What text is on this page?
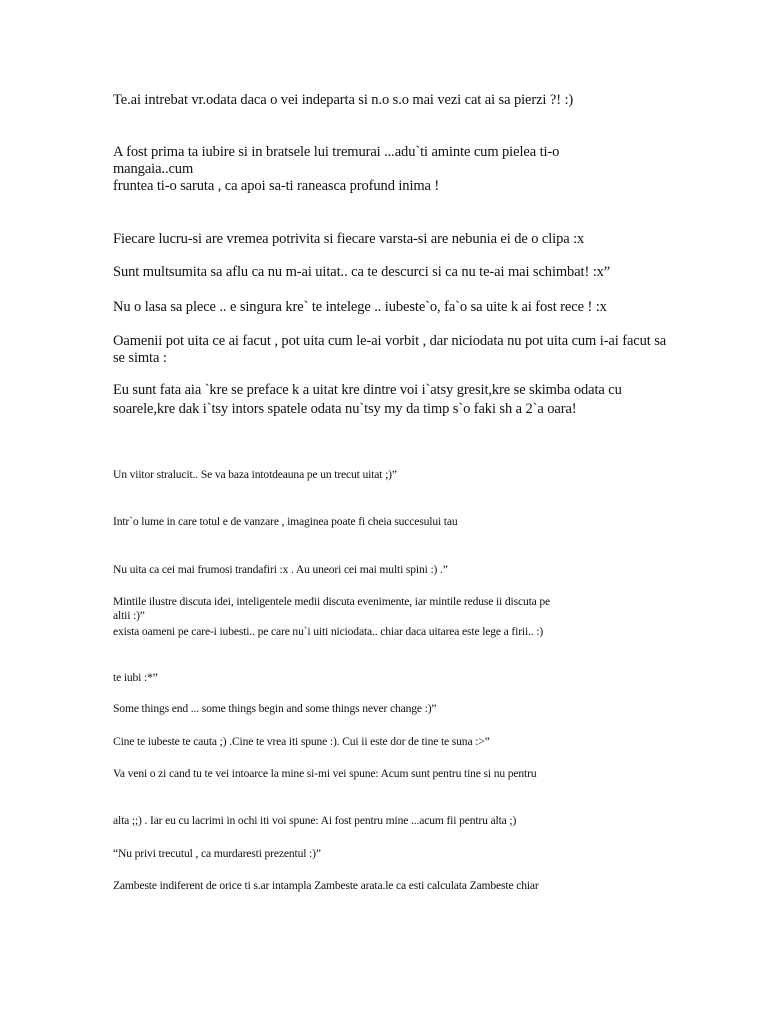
Te.ai intrebat vr.odata daca o vei indeparta si n.o s.o mai vezi cat ai sa pierzi ?! :)

A fost prima ta iubire si in bratsele lui tremurai ...adu`ti aminte cum pielea ti-o

mangaia..cum

fruntea ti-o saruta , ca apoi sa-ti raneasca profund inima !

Fiecare lucru-si are vremea potrivita si fiecare varsta-si are nebunia ei de o clipa :x

Sunt multsumita sa aflu ca nu m-ai uitat.. ca te descurci si ca nu te-ai mai schimbat! :x”

Nu o lasa sa plece .. e singura kre` te intelege .. iubeste`o, fa`o sa uite k ai fost rece ! :x

Oamenii pot uita ce ai facut , pot uita cum le-ai vorbit , dar niciodata nu pot uita cum i-ai facut sa

se simta :

Eu sunt fata aia `kre se preface k a uitat kre dintre voi i`atsy gresit,kre se skimba odata cu

soarele,kre dak i`tsy intors spatele odata nu`tsy my da timp s`o faki sh a 2`a oara!

Un viitor stralucit.. Se va baza intotdeauna pe un trecut uitat ;)”

Intr`o lume in care totul e de vanzare , imaginea poate fi cheia succesului tau

Nu uita ca cei mai frumosi trandafiri :x . Au uneori cei mai multi spini :) .”

Mintile ilustre discuta idei, inteligentele medii discuta evenimente, iar mintile reduse ii discuta pe

altii :)”

exista oameni pe care-i iubesti.. pe care nu`i uiti niciodata.. chiar daca uitarea este lege a firii.. :)

te iubi :*”

Some things end ... some things begin and some things never change :)”

Cine te iubeste te cauta ;) .Cine te vrea iti spune :). Cui ii este dor de tine te suna :>”

Va veni o zi cand tu te vei intoarce la mine si-mi vei spune: Acum sunt pentru tine si nu pentru

alta ;;) . Iar eu cu lacrimi in ochi iti voi spune: Ai fost pentru mine ...acum fii pentru alta ;)

“Nu privi trecutul , ca murdaresti prezentul :)”

Zambeste indiferent de orice ti s.ar intampla Zambeste arata.le ca esti calculata Zambeste chiar
